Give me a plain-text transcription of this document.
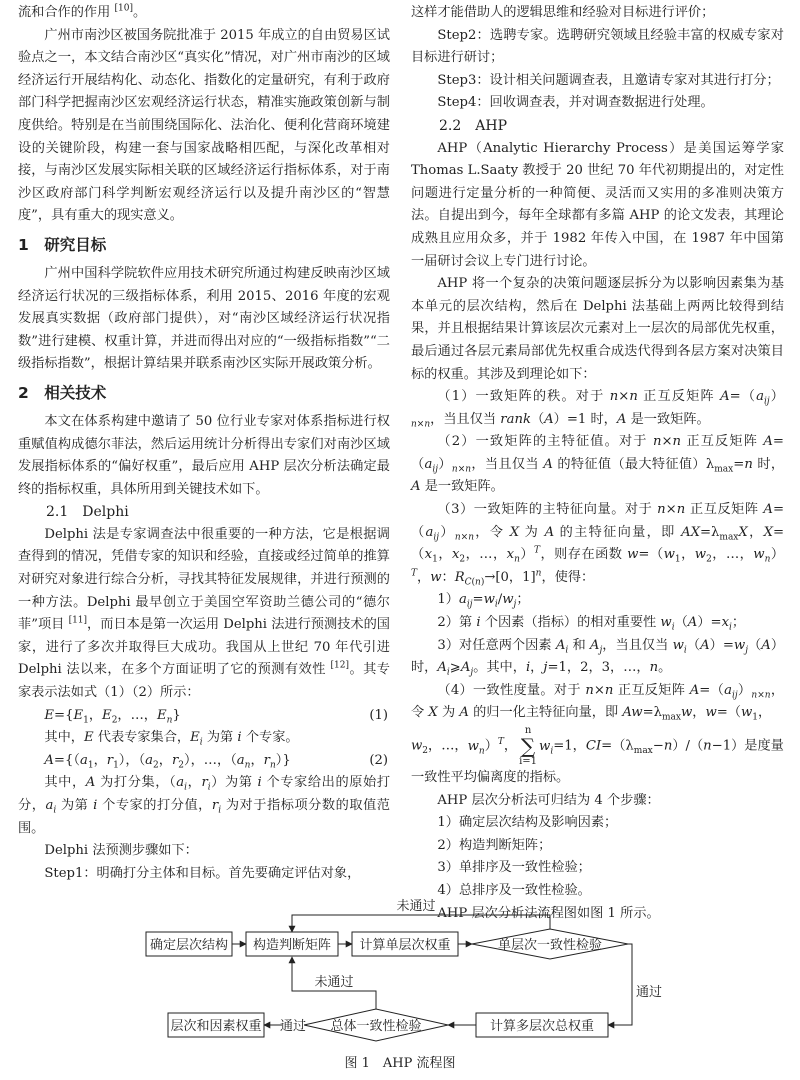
流和合作的作用 [10]。

广州市南沙区被国务院批准于 2015 年成立的自由贸易区试验点之一，本文结合南沙区“真实化”情况，对广州市南沙的区域经济运行开展结构化、动态化、指数化的定量研究，有利于政府部门科学把握南沙区宏观经济运行状态，精准实施政策创新与制度供给。特别是在当前围绕国际化、法治化、便利化营商环境建设的关键阶段，构建一套与国家战略相匹配，与深化改革相对接，与南沙区发展实际相关联的区域经济运行指标体系，对于南沙区政府部门科学判断宏观经济运行以及提升南沙区的“智慧度”，具有重大的现实意义。

1　研究目标

广州中国科学院软件应用技术研究所通过构建反映南沙区域经济运行状况的三级指标体系，利用 2015、2016 年度的宏观发展真实数据（政府部门提供），对“南沙区域经济运行状况指数”进行建模、权重计算，并进而得出对应的“一级指标指数”“二级指标指数”，根据计算结果并联系南沙区实际开展政策分析。

2　相关技术

本文在体系构建中邀请了 50 位行业专家对体系指标进行权重赋值构成德尔菲法，然后运用统计分析得出专家们对南沙区域发展指标体系的“偏好权重”，最后应用 AHP 层次分析法确定最终的指标权重，具体所用到关键技术如下。

2.1　Delphi

Delphi 法是专家调查法中很重要的一种方法，它是根据调查得到的情况，凭借专家的知识和经验，直接或经过简单的推算对研究对象进行综合分析，寻找其特征发展规律，并进行预测的一种方法。Delphi 最早创立于美国空军资助兰德公司的“德尔菲”项目 [11]，而日本是第一次运用 Delphi 法进行预测技术的国家，进行了多次并取得巨大成功。我国从上世纪 70 年代引进 Delphi 法以来，在多个方面证明了它的预测有效性 [12]。其专家表示法如式（1）（2）所示：

$E=\{E_1$，$E_2$，…，$E_n$}	(1)

其中，E 代表专家集合，$E_i$ 为第 i 个专家。

$A=\{(a_1$，$r_1$），（$a_2$，$r_2$），…，（$a_n$，$r_n$）}	(2)

其中，A 为打分集，（$a_i$，$r_i$）为第 i 个专家给出的原始打分，$a_i$ 为第 i 个专家的打分值，$r_i$ 为对于指标项分数的取值范围。

Delphi 法预测步骤如下：

Step1：明确打分主体和目标。首先要确定评估对象，

这样才能借助人的逻辑思维和经验对目标进行评价；

Step2：选聘专家。选聘研究领域且经验丰富的权威专家对目标进行研讨；

Step3：设计相关问题调查表，且邀请专家对其进行打分；

Step4：回收调查表，并对调查数据进行处理。

2.2　AHP

AHP（Analytic Hierarchy Process）是美国运筹学家 Thomas L.Saaty 教授于 20 世纪 70 年代初期提出的，对定性问题进行定量分析的一种简便、灵活而又实用的多准则决策方法。自提出到今，每年全球都有多篇 AHP 的论文发表，其理论成熟且应用众多，并于 1982 年传入中国，在 1987 年中国第一届研讨会议上专门进行讨论。

AHP 将一个复杂的决策问题逐层拆分为以影响因素集为基本单元的层次结构，然后在 Delphi 法基础上两两比较得到结果，并且根据结果计算该层次元素对上一层次的局部优先权重，最后通过各层元素局部优先权重合成迭代得到各层方案对决策目标的权重。其涉及到理论如下：

（1）一致矩阵的秩。对于 n×n 正互反矩阵 $A=(a_{ij})_{n\times n}$，当且仅当 rank（A）=1 时，A 是一致矩阵。

（2）一致矩阵的主特征值。对于 n×n 正互反矩阵 $A=(a_{ij})_{n\times n}$，当且仅当 A 的特征值（最大特征值）$\lambda_{max}=n$ 时，A 是一致矩阵。

（3）一致矩阵的主特征向量。对于 n×n 正互反矩阵 $A=(a_{ij})_{n\times n}$，令 X 为 A 的主特征向量，即 $AX=\lambda_{max}X$，$X=(x_1$，$x_2$，…，$x_n)^T$，则存在函数 $w=(w_1$，$w_2$，…，$w_n)^T$，w：$R_{C(n)}\to[0$，1]$^n$，使得：

$1)a_{ij}=w_i/w_j$；

2）第 i 个因素（指标）的相对重要性 $w_i(A)=x_i$；

3）对任意两个因素 $A_i$ 和 $A_j$，当且仅当 $w_i(A)=w_j(A)$时，$A_i⩾A_j$。其中，i，j=1，2，3，…，n。

（4）一致性度量。对于 n×n 正互反矩阵 $A=(a_{ij})_{n\times n}$，令 X 为 A 的归一化主特征向量，即 $Aw=\lambda_{max}w$，$w=(w_1$，

$w_2$，…，$w_n)^T$，
n
∑
i=1
$w_i=1$，$CI=(\lambda_{max}-n)/(n-1)$是度量

一致性平均偏离度的指标。

AHP 层次分析法可归结为 4 个步骤：

1）确定层次结构及影响因素；

2）构造判断矩阵；

3）单排序及一致性检验；

4）总排序及一致性检验。

AHP 层次分析法流程图如图 1 所示。

未通过
确定层次结构 构造判断矩阵 计算单层次权重	单层次一致性检验
通过
计算多层次总权重
总体一致性检验
未通过
通过
层次和因素权重
图 1　AHP 流程图
